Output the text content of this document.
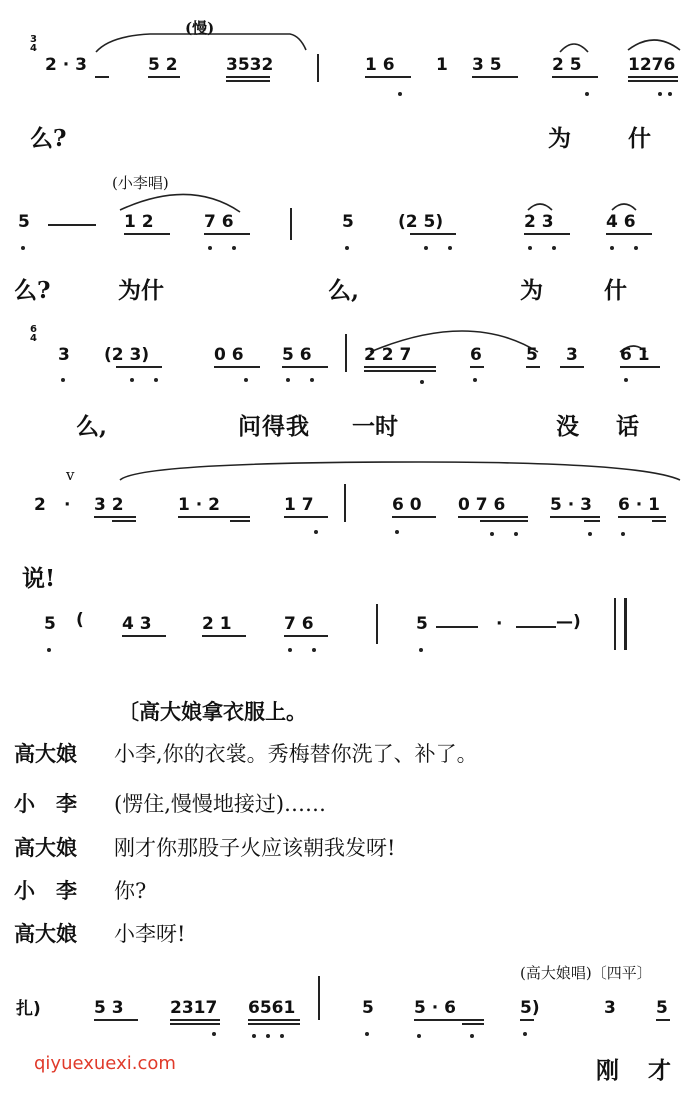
3
4
(慢)
2 · 3	5 2	3532	1 6 1 3 5	2 5	1276
么?	为 什
(小李唱)
5	1 2	7 6	5	(2 5)	2 3	4 6
么?	为什	么,	为	什
6
4
3 (2 3)	0 6 5 6	2 2 7	6	5 3 6 1
么,	问 得 我 一时	没 话
v
2 · 3 2	1 · 2	1 7	6 0 0 7 6	5 · 3 6 · 1
说!
5 ( 4 3	2 1	7 6	5	·	—)
〔高大娘拿衣服上。
高大娘 小李,你的衣裳。秀梅替你洗了、补了。
小　李 (愣住,慢慢地接过)……
高大娘 刚才你那股子火应该朝我发呀!
小　李 你?
高大娘 小李呀!
(高大娘唱)〔四平〕
扎)	5 3	2317 6561	5 5 · 6	5)	3 5
刚 才
qiyuexuexi.com
